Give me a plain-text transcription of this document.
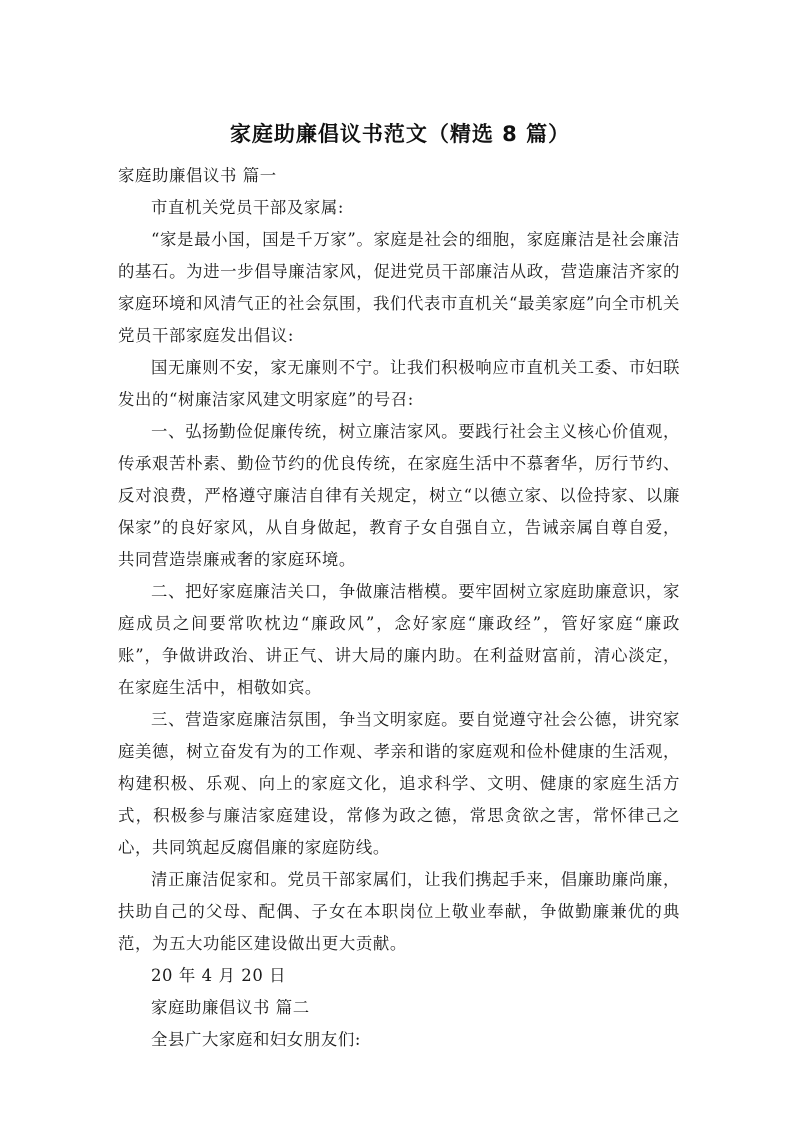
家庭助廉倡议书范文（精选 8 篇）

家庭助廉倡议书 篇一

市直机关党员干部及家属:

“家是最小国，国是千万家”。家庭是社会的细胞，家庭廉洁是社会廉洁的基石。为进一步倡导廉洁家风，促进党员干部廉洁从政，营造廉洁齐家的家庭环境和风清气正的社会氛围，我们代表市直机关“最美家庭”向全市机关党员干部家庭发出倡议:

国无廉则不安，家无廉则不宁。让我们积极响应市直机关工委、市妇联发出的“树廉洁家风建文明家庭”的号召:

一、弘扬勤俭促廉传统，树立廉洁家风。要践行社会主义核心价值观，传承艰苦朴素、勤俭节约的优良传统，在家庭生活中不慕奢华，厉行节约、反对浪费，严格遵守廉洁自律有关规定，树立“以德立家、以俭持家、以廉保家”的良好家风，从自身做起，教育子女自强自立，告诫亲属自尊自爱，共同营造崇廉戒奢的家庭环境。

二、把好家庭廉洁关口，争做廉洁楷模。要牢固树立家庭助廉意识，家庭成员之间要常吹枕边“廉政风”，念好家庭“廉政经”，管好家庭“廉政账”，争做讲政治、讲正气、讲大局的廉内助。在利益财富前，清心淡定，在家庭生活中，相敬如宾。

三、营造家庭廉洁氛围，争当文明家庭。要自觉遵守社会公德，讲究家庭美德，树立奋发有为的工作观、孝亲和谐的家庭观和俭朴健康的生活观，构建积极、乐观、向上的家庭文化，追求科学、文明、健康的家庭生活方式，积极参与廉洁家庭建设，常修为政之德，常思贪欲之害，常怀律己之心，共同筑起反腐倡廉的家庭防线。

清正廉洁促家和。党员干部家属们，让我们携起手来，倡廉助廉尚廉，扶助自己的父母、配偶、子女在本职岗位上敬业奉献，争做勤廉兼优的典范，为五大功能区建设做出更大贡献。

20 年 4 月 20 日

家庭助廉倡议书 篇二

全县广大家庭和妇女朋友们:
